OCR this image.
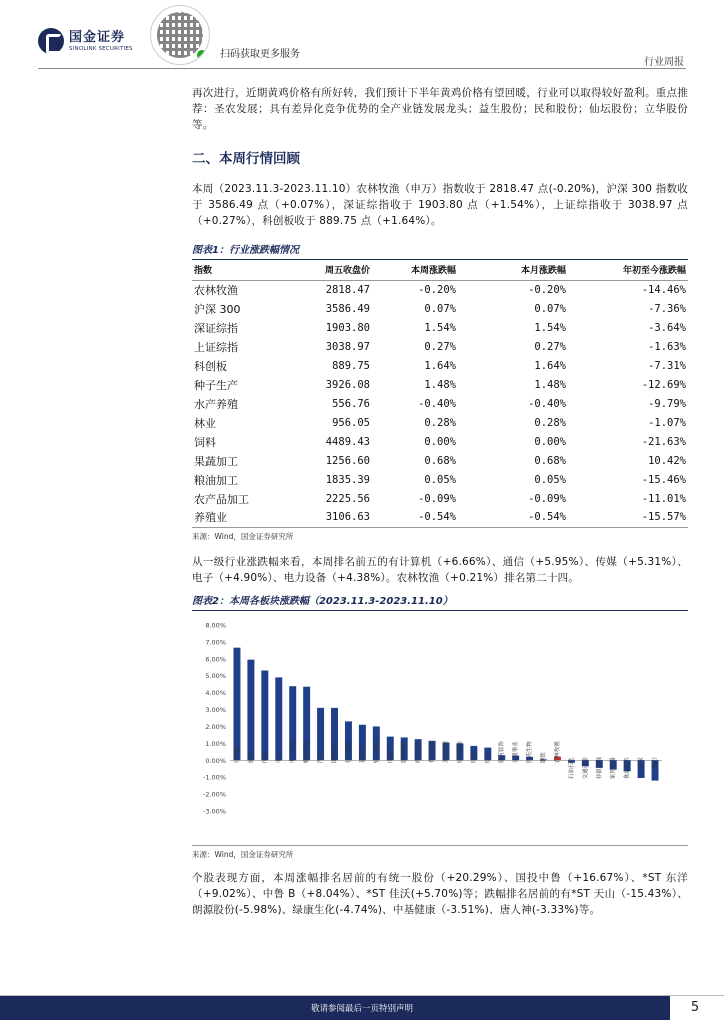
国金证券
SINOLINK SECURITIES
扫码获取更多服务
行业周报

再次进行，近期黄鸡价格有所好转，我们预计下半年黄鸡价格有望回暖，行业可以取得较好盈利。重点推荐：圣农发展；具有差异化竞争优势的全产业链发展龙头；益生股份；民和股份；仙坛股份；立华股份等。

二、本周行情回顾

本周（2023.11.3-2023.11.10）农林牧渔（申万）指数收于 2818.47 点(-0.20%)，沪深 300 指数收于 3586.49 点（+0.07%），深证综指收于 1903.80 点（+1.54%），上证综指收于 3038.97 点（+0.27%），科创板收于 889.75 点（+1.64%）。

图表1：行业涨跌幅情况
指数	周五收盘价	本周涨跌幅	本月涨跌幅	年初至今涨跌幅
农林牧渔	2818.47	-0.20%	-0.20%	-14.46%
沪深 300	3586.49	0.07%	0.07%	-7.36%
深证综指	1903.80	1.54%	1.54%	-3.64%
上证综指	3038.97	0.27%	0.27%	-1.63%
科创板	889.75	1.64%	1.64%	-7.31%
种子生产	3926.08	1.48%	1.48%	-12.69%
水产养殖	556.76	-0.40%	-0.40%	-9.79%
林业	956.05	0.28%	0.28%	-1.07%
饲料	4489.43	0.00%	0.00%	-21.63%
果蔬加工	1256.60	0.68%	0.68%	10.42%
粮油加工	1835.39	0.05%	0.05%	-15.46%
农产品加工	2225.56	-0.09%	-0.09%	-11.01%
养殖业	3106.63	-0.54%	-0.54%	-15.57%
来源：Wind，国金证券研究所

从一级行业涨跌幅来看，本周排名前五的有计算机（+6.66%）、通信（+5.95%）、传媒（+5.31%）、电子（+4.90%）、电力设备（+4.38%）。农林牧渔（+0.21%）排名第二十四。

图表2：本周各板块涨跌幅（2023.11.3-2023.11.10）
8.00%
7.00%
6.00%
5.00%
4.00%
3.00%
2.00%
1.00%
0.00%
-1.00%
-2.00%
-3.00%
计算机	通信	传媒	电子	电力设备	机械设备	汽车	国防军工	社会服务	基础化工	轻工制造	房地产	建筑材料	商贸零售	有色金属	美容护理	纺织服饰	环保	综合	建筑装饰	公用事业	医药生物	钢铁	农林牧渔
石油石化	交通运输	非银金融	家用电器	食品饮料	煤炭	银行
来源：Wind，国金证券研究所

个股表现方面，本周涨幅排名居前的有统一股份（+20.29%）、国投中鲁（+16.67%）、*ST 东洋（+9.02%）、中鲁 B（+8.04%）、*ST 佳沃(+5.70%)等；跌幅排名居前的有*ST 天山（-15.43%）、朗源股份(-5.98%)、绿康生化(-4.74%)、中基健康（-3.51%)、唐人神(-3.33%)等。

敬请参阅最后一页特别声明	5
